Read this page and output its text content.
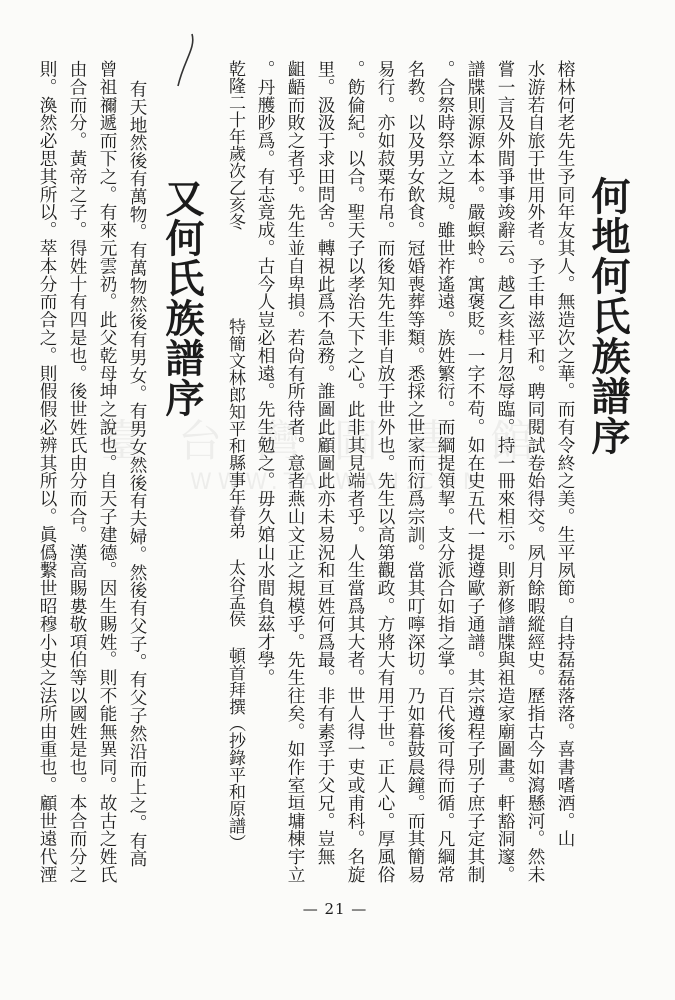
臺 台 灣 圖 書 館
WWW.TAIWAN.COM
何地何氏族譜序
榕林何老先生予同年友其人。無造次之華。而有令終之美。生平夙節。自持磊磊落落。喜書嗜酒。山
水游若自旅于世用外者。予壬申滋平和。聘同閱試卷始得交。夙月餘暇縱經史。歷指古今如瀉懸河。然未
嘗一言及外間爭事竣辭云。越乙亥桂月忽辱臨。持一冊來相示。則新修譜牒與祖造家廟圖畫。軒豁洞邃。
譜牒則源源本本。嚴螟蛉。寓褒貶。一字不苟。如在史五代一提遵歐子通譜。其宗遵程子別子庶子定其制
。合祭時祭立之規。雖世祚遙遠。族姓繁衍。而綱提領挈。支分派合如指之掌。百代後可得而循。凡綱常
名教。以及男女飲食。冠婚喪葬等類。悉採之世家而衍爲宗訓。當其叮嚀深切。乃如暮鼓晨鐘。而其簡易
易行。亦如菽粟布帛。而後知先生非自放于世外也。先生以高第觀政。方將大有用于世。正人心。厚風俗
。飭倫紀。以合。聖天子以孝治天下之心。此非其見端者乎。人生當爲其大者。世人得一吏或甫科。名旋
里。汲汲于求田問舍。轉視此爲不急務。誰圖此顧圖此亦未易況和亘姓何爲最。非有素孚于父兄。豈無
齟齬而敗之者乎。先生並自卑損。若尙有所待者。意者燕山文正之規模乎。先生往矣。如作室垣墉棟宇立
。丹雘眇爲。有志竟成。古今人豈必相遠。先生勉之。毋久婠山水間負茲才學。
乾隆二十年歲次乙亥冬
特簡文林郎知平和縣事年眷弟 太谷孟侯 頓首拜撰（抄錄平和原譜）
又何氏族譜序
有天地然後有萬物。有萬物然後有男女。有男女然後有夫婦。然後有父子。有父子然沿而上之。有高
曾祖禰遞而下之。有來元雲礽。此父乾母坤之說也。自天子建德。因生賜姓。則不能無異同。故古之姓氏
由合而分。黃帝之子。得姓十有四是也。後世姓氏由分而合。漢高賜婁敬項伯等以國姓是也。本合而分之
則。渙然必思其所以。萃本分而合之。則假假必辨其所以。眞僞繫世昭穆小史之法所由重也。顧世遠代湮
— 21 —
